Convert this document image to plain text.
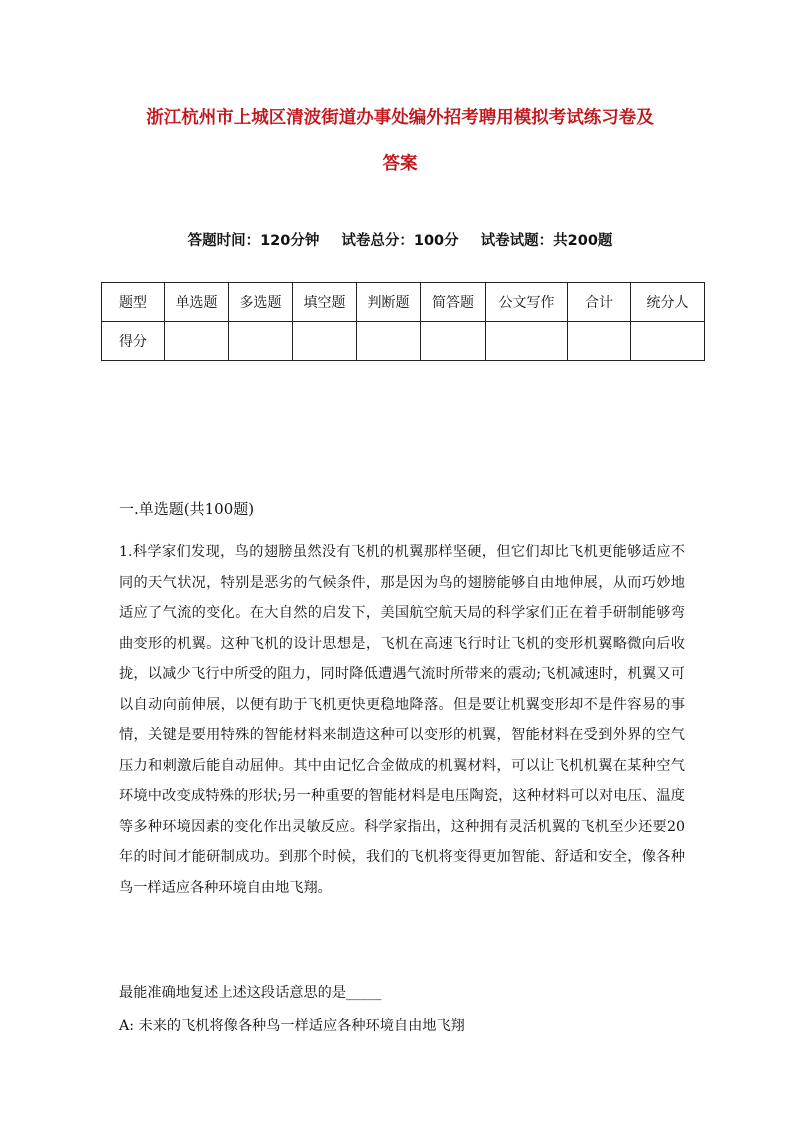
浙江杭州市上城区清波街道办事处编外招考聘用模拟考试练习卷及
答案
答题时间：120分钟 试卷总分：100分 试卷试题：共200题
题型	单选题	多选题	填空题	判断题	简答题	公文写作	合计	统分人
得分								
一.单选题(共100题)
1.科学家们发现，鸟的翅膀虽然没有飞机的机翼那样坚硬，但它们却比飞机更能够适应不同的天气状况，特别是恶劣的气候条件，那是因为鸟的翅膀能够自由地伸展，从而巧妙地适应了气流的变化。在大自然的启发下，美国航空航天局的科学家们正在着手研制能够弯曲变形的机翼。这种飞机的设计思想是，飞机在高速飞行时让飞机的变形机翼略微向后收拢，以减少飞行中所受的阻力，同时降低遭遇气流时所带来的震动;飞机减速时，机翼又可以自动向前伸展，以便有助于飞机更快更稳地降落。但是要让机翼变形却不是件容易的事情，关键是要用特殊的智能材料来制造这种可以变形的机翼，智能材料在受到外界的空气压力和刺激后能自动屈伸。其中由记忆合金做成的机翼材料，可以让飞机机翼在某种空气环境中改变成特殊的形状;另一种重要的智能材料是电压陶瓷，这种材料可以对电压、温度等多种环境因素的变化作出灵敏反应。科学家指出，这种拥有灵活机翼的飞机至少还要20年的时间才能研制成功。到那个时候，我们的飞机将变得更加智能、舒适和安全，像各种鸟一样适应各种环境自由地飞翔。
最能准确地复述上述这段话意思的是_____
A: 未来的飞机将像各种鸟一样适应各种环境自由地飞翔
